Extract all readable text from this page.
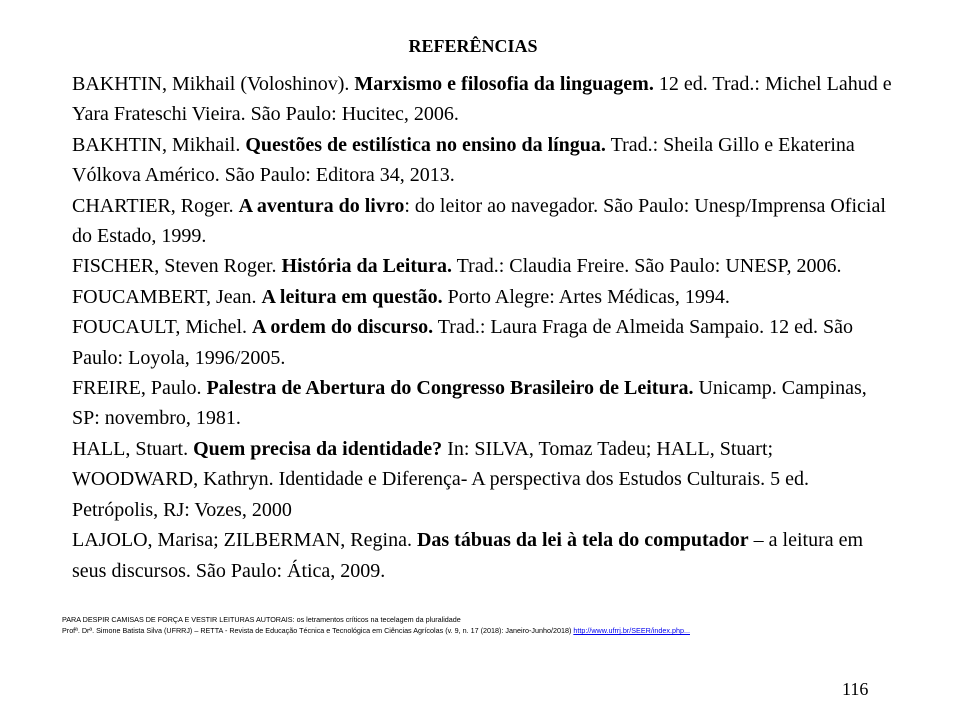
REFERÊNCIAS

BAKHTIN, Mikhail (Voloshinov). Marxismo e filosofia da linguagem. 12 ed. Trad.: Michel Lahud e Yara Frateschi Vieira. São Paulo: Hucitec, 2006.

BAKHTIN, Mikhail. Questões de estilística no ensino da língua. Trad.: Sheila Gillo e Ekaterina Vólkova Américo. São Paulo: Editora 34, 2013.

CHARTIER, Roger. A aventura do livro: do leitor ao navegador. São Paulo: Unesp/Imprensa Oficial do Estado, 1999.

FISCHER, Steven Roger. História da Leitura. Trad.: Claudia Freire. São Paulo: UNESP, 2006.

FOUCAMBERT, Jean. A leitura em questão. Porto Alegre: Artes Médicas, 1994.

FOUCAULT, Michel. A ordem do discurso. Trad.: Laura Fraga de Almeida Sampaio. 12 ed. São Paulo: Loyola, 1996/2005.

FREIRE, Paulo. Palestra de Abertura do Congresso Brasileiro de Leitura. Unicamp. Campinas, SP: novembro, 1981.

HALL, Stuart. Quem precisa da identidade? In: SILVA, Tomaz Tadeu; HALL, Stuart; WOODWARD, Kathryn. Identidade e Diferença- A perspectiva dos Estudos Culturais. 5 ed. Petrópolis, RJ: Vozes, 2000

LAJOLO, Marisa; ZILBERMAN, Regina. Das tábuas da lei à tela do computador – a leitura em seus discursos. São Paulo: Ática, 2009.

PARA DESPIR CAMISAS DE FORÇA E VESTIR LEITURAS AUTORAIS: os letramentos críticos na tecelagem da pluralidade
Profª. Drª. Simone Batista Silva (UFRRJ) – RETTA - Revista de Educação Técnica e Tecnológica em Ciências Agrícolas (v. 9, n. 17 (2018): Janeiro-Junho/2018) http://www.ufrrj.br/SEER/index.php...
116
